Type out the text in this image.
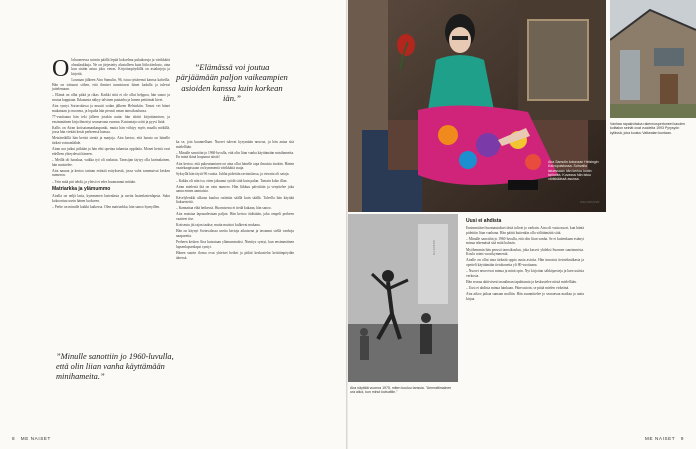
Olohuoneessa soimin päällä lepää kokoelma pukukoruja ja värikkäitä olmalaukkuja. Ne on järjestetty alustalleen kuin litiksitiedosto, aina kun sisään astuu joku vieras. Kirjoituspöydällä on asiakirjoja ja kirjeitä.

Lounaan jälkeen Aira Samulin, 96, istuu tyttärensä kanssa kahvilla. Hän on tottunut siihen, että ihmiset tunnistavat hänet kadulla ja tulevat juttelemaan.

– Elämä on ollut pitkä ja rikas. Kaikki siitä ei ole ollut helppoa, hän sanoo ja nostaa kuppiaan. Ikkunasta näkyy talvinen puutarha ja lumen peittämät kivet.

Aira syntyi Sortavalassa ja muutti sodan jälkeen Helsinkiin. Tanssi vei hänet mukanaan jo nuorena, ja lopulta hän perusti oman tanssikoulunsa.

77-vuotiaana hän teki jälleen jotakin uutta: hän aloitti kirjoittamisen, ja ensimmäinen kirja ilmestyi seuraavana vuonna. Kustantaja soitti ja pyysi lisää.

Kallis on Airan kotisatamankaupunki, mutta hän viihtyy myös maalla mökillä, jossa hän viettää kesät perheensä kanssa.

Metsäretkillä hän keräsi sieniä ja marjoja. Aira kertoo, että luonto on hänelle tärkeä voimanlähde.

Airan ura jatkui pitkään ja hän ehti opettaa tuhansia oppilaita. Monet heistä ovat edelleen yhteydessä häneen.

– Meillä oli hauskaa, vaikka työ oli raskasta. Tanssijan täytyy olla kurinalainen, hän muistelee.

Aira nauraa ja kertoo tarinan eräästä esityksestä, jossa valot sammuivat kesken numeron.

– Tein mitä piti tehdä, ja yleisö ei edes huomannut mitään.

Matriarkka ja ylämummo

Airalla on neljä lasta, kymmenen lastenlasta ja useita lastenlastenlapsia. Suku kokoontuu usein hänen luokseen.

– Perhe on minulle kaikki kaikessa. Olen matriarkka, hän sanoo hymyillen.

”Minulle sanottiin jo 1960-luvulla, että olin liian vanha käyttämään minihameita.”
”Elämässä voi joutua pärjäämään paljon vaikeampien asioiden kanssa kuin korkean iän.”

ka se, jota kuunnellaan. Nuoret tulevat kysymään neuvoa, ja hän antaa sitä mielellään.

– Minulle sanottiin jo 1960-luvulla, että olin liian vanha käyttämään minihameita. En minä ikinä luopunut niistä!

Aira kertoo, että pukeutuminen on aina ollut hänelle tapa ilmaista itseään. Hänen vaatekaapissaan on kymmeniä värikkäitä asuja.

Syksyllä hän täytti 96 vuotta. Juhlat pidettiin ravintolassa, ja vieraita oli satoja.

– Kakku oli niin iso, etten jaksanut syödä siitä kuin palan. Tanssin koko illan.

Airan mielestä ikä on vain numero. Hän liikkuu päivittäin ja venyttelee joka aamu ennen aamiaista.

Kävelylenkki ulkona kuuluu rutiiniin säällä kuin säällä. Talvella hän käyttää liukuesteitä.

– Kannattaa elää hetkessä. Huomisesta ei tiedä kukaan, hän sanoo.

Aira muistaa lapsuudestaan paljon. Hän kertoo äidistään, joka ompeli perheen vaatteet itse.

Kotiseutu jäi rajan taakse, mutta muistot kulkevat mukana.

Hän on käynyt Sortavalassa useita kertoja aikuisena ja tavannut siellä vanhoja naapureita.

Perheen kesken Aira kutsutaan ylämummoksi. Nimitys syntyi, kun ensimmäinen lapsenlapsenlapsi syntyi.

Hänen suurin ilonsa ovat yhteiset hetket ja pitkät keskustelut keittiönpöydän ääressä.

8 ME NAISET
VALOKUVAT
Aira Samulin kotonaan Helsingin Kaivopuistossa. Sohvalla istuessaan hän kertoo kodin tarinoita. Kuvassa hän istuu värikkäässä asussa.
Vanhaa rapakivitaloa rakennuspertoneet kauden kotitalon seinät ovat vuodelta 1993 Pyrysyön kylässä, joka kuuluu Valkealan kuntaan.
ARKISTO
Aira näyttää vuonna 1975, miten kuuluu tanssia. "Ammattimainen ura alkoi, kun minut kutsuttiin."
Uusi ei ahdista

Ensimmäiset huomautukset iästä tulivat jo varhain. Aira oli vasta nuori, kun häntä pidettiin liian vanhana. Hän päätti kuitenkin olla välittämättä siitä.

– Minulle sanottiin jo 1960-luvulla, että olin liian vanha. Se ei kuitenkaan estänyt minua tekemästä sitä mitä halusin.

Myöhemmin hän perusti tanssikoulun, joka kasvoi yhdeksi Suomen suurimmista. Koulu toimi vuosikymmeniä.

Airalle on ollut aina tärkeää oppia uusia asioita. Hän innostui tietotekniikasta ja opetteli käyttämään tietokonetta yli 80-vuotiaana.

– Nuoret neuvoivat minua ja minä opin. Nyt kirjoitan sähköposteja ja luen uutisia verkosta.

Hän seuraa aktiivisesti maailman tapahtumia ja keskustelee niistä mielellään.

– Uusi ei ahdista minua lainkaan. Päinvastoin, se pitää mielen virkeänä.

Aira aikoo jatkaa samaan malliin. Hän suunnittelee jo seuraavaa matkaa ja uutta kirjaa.

ME NAISET 9
